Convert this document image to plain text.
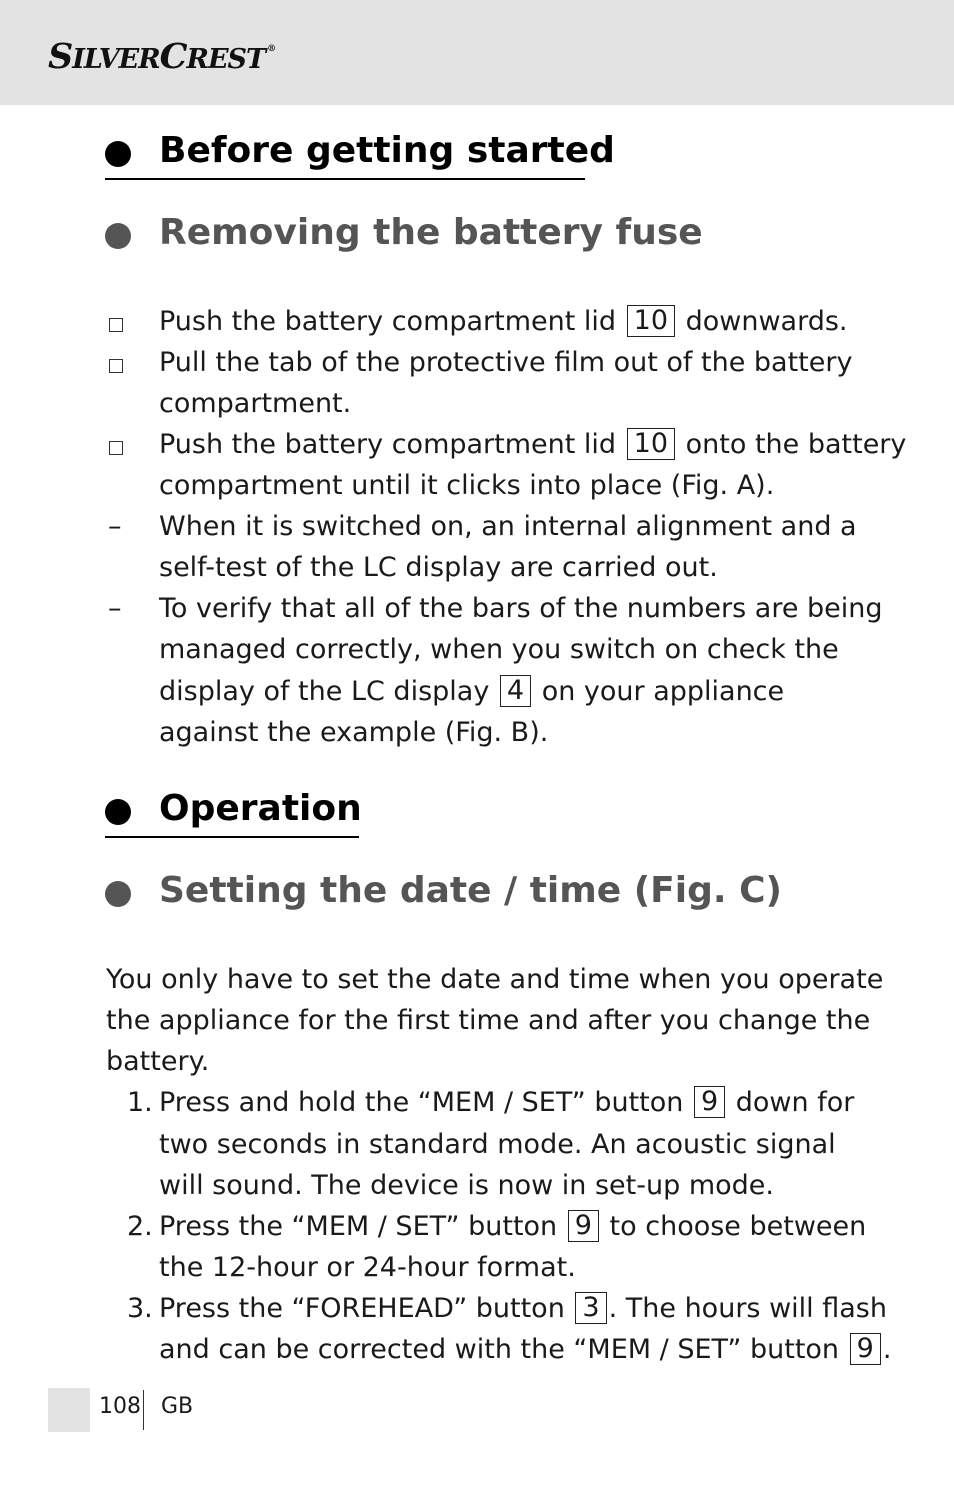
SILVERCREST ®
Before getting started
Removing the battery fuse
Push the battery compartment lid 10 downwards.
Pull the tab of the protective film out of the battery
compartment.
Push the battery compartment lid 10 onto the battery
compartment until it clicks into place (Fig. A).
– When it is switched on, an internal alignment and a
self-test of the LC display are carried out.
– To verify that all of the bars of the numbers are being
managed correctly, when you switch on check the
display of the LC display 4 on your appliance
against the example (Fig. B).
Operation
Setting the date / time (Fig. C)
You only have to set the date and time when you operate
the appliance for the first time and after you change the
battery.
1. Press and hold the “MEM / SET” button 9 down for
two seconds in standard mode. An acoustic signal
will sound. The device is now in set-up mode.
2. Press the “MEM / SET” button 9 to choose between
the 12-hour or 24-hour format.
3. Press the “FOREHEAD” button 3 . The hours will flash
and can be corrected with the “MEM / SET” button 9 .
108 GB
